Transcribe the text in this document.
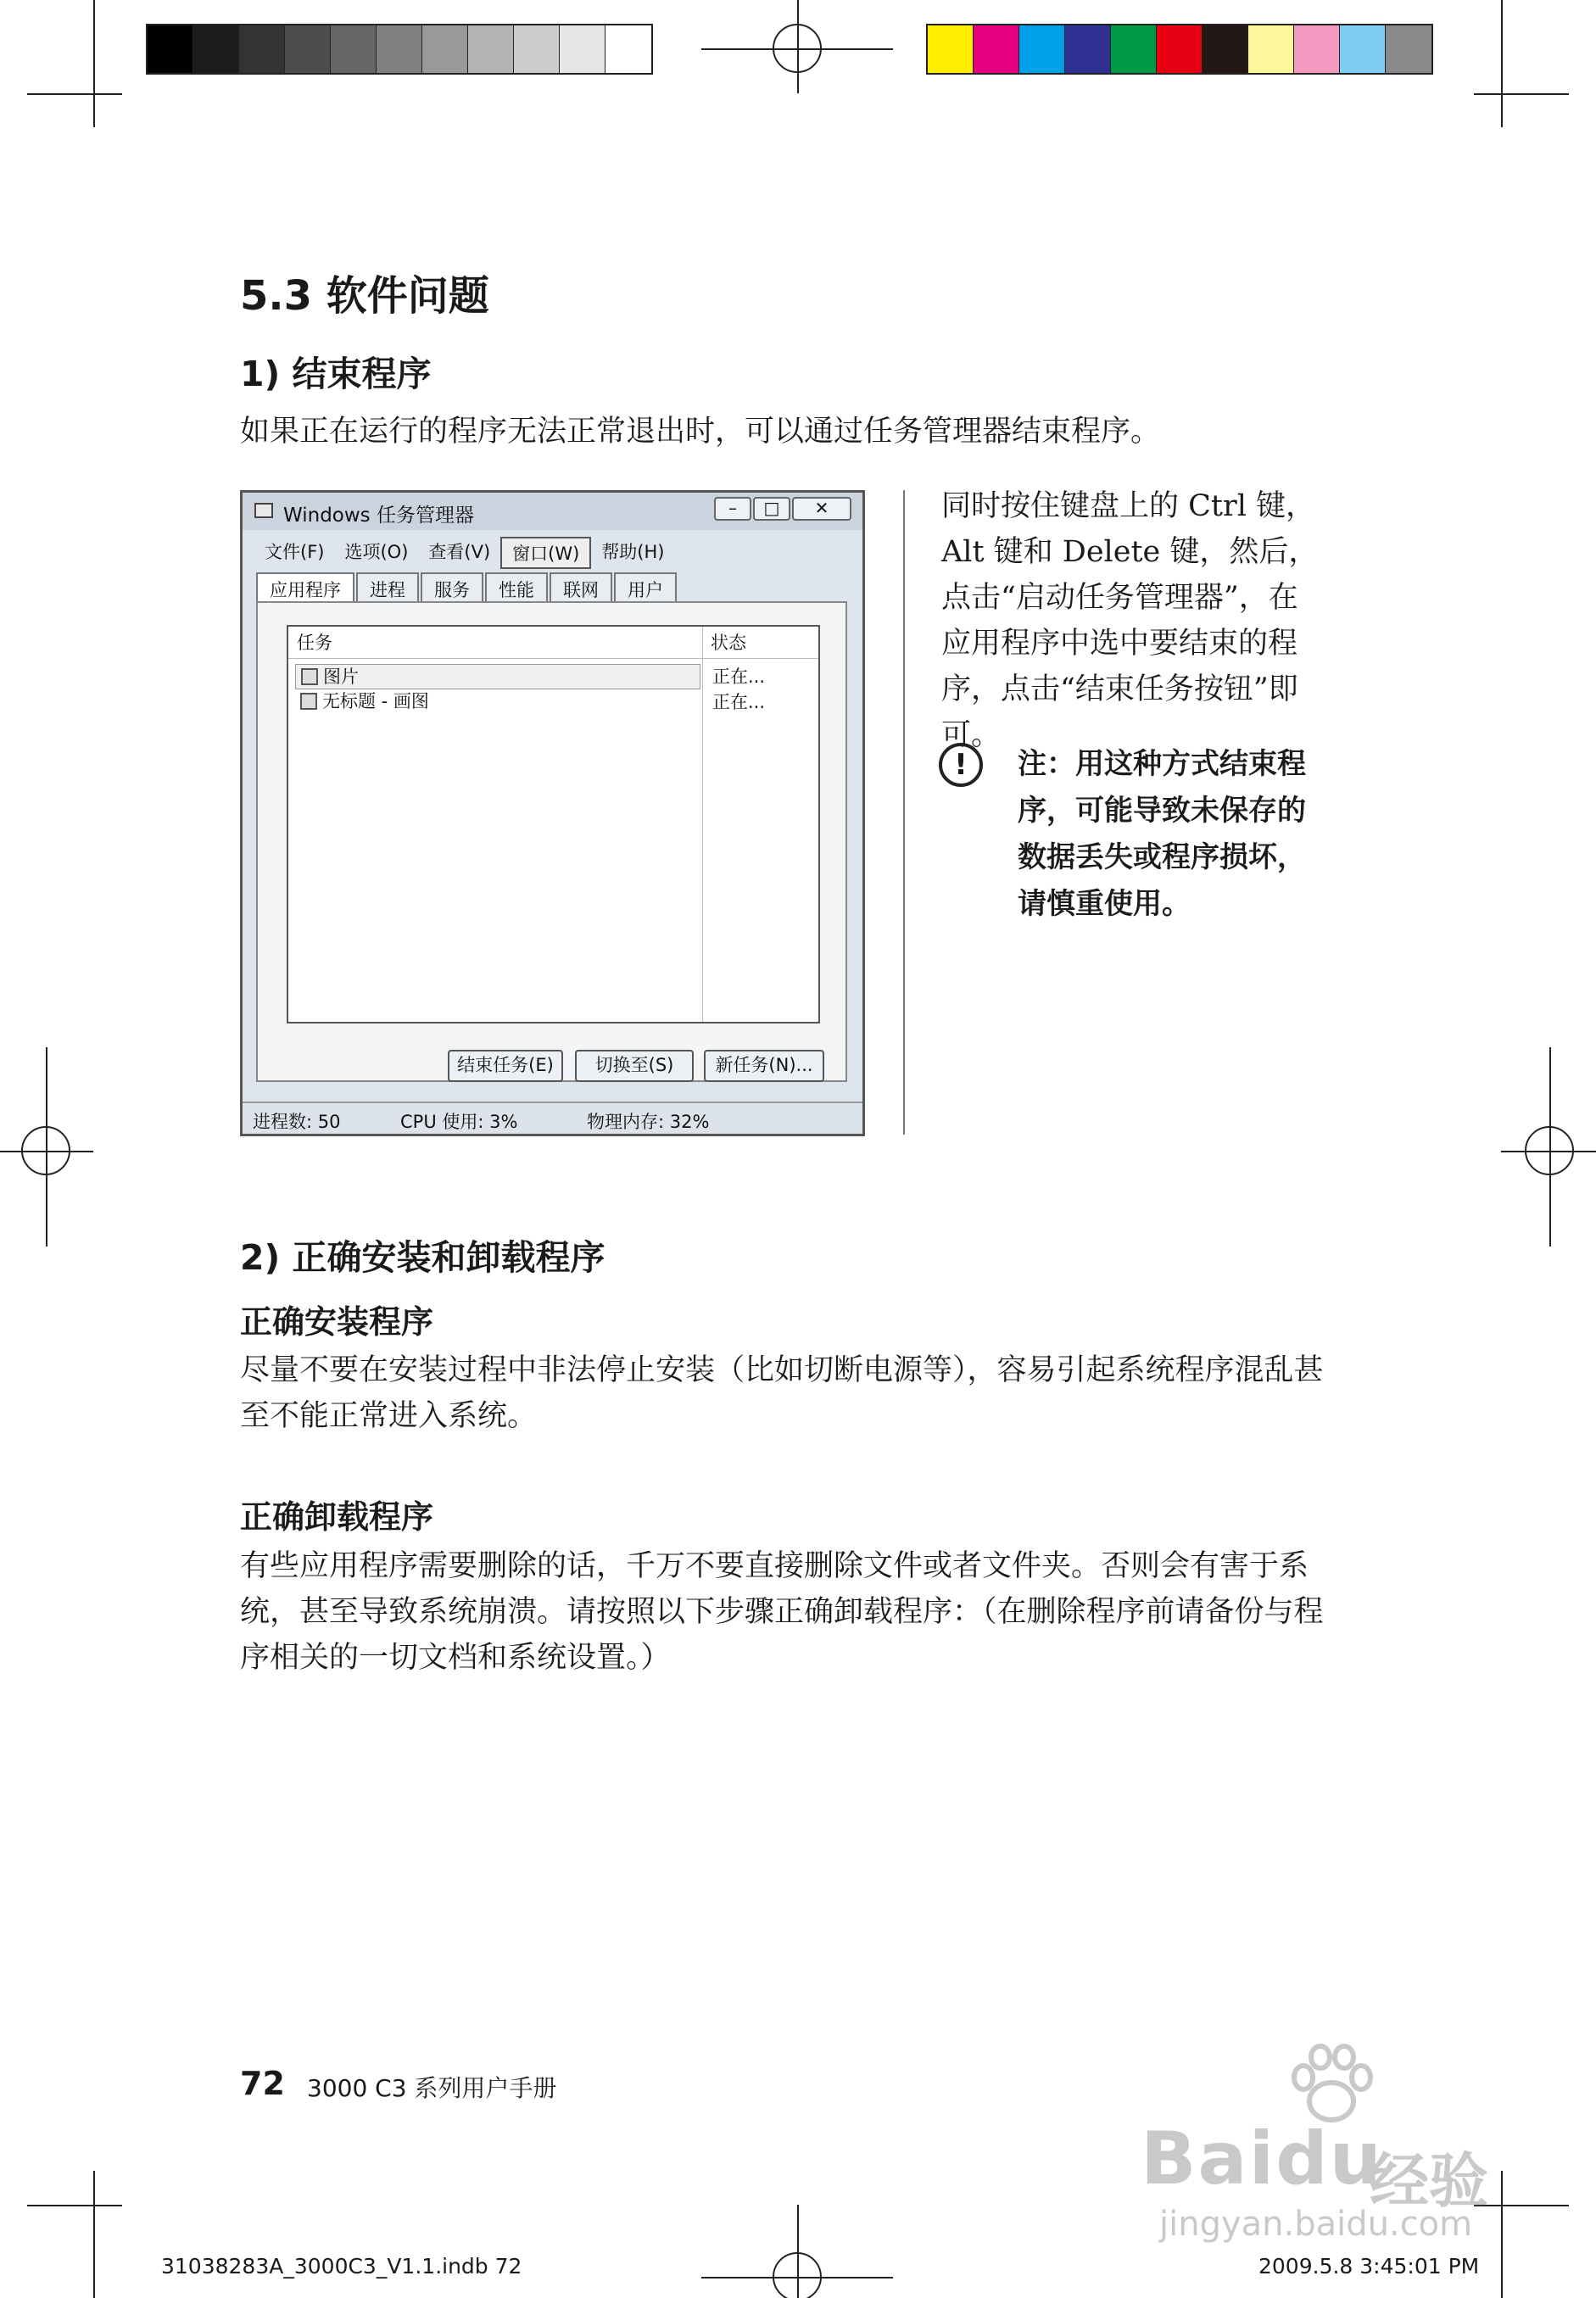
5.3 软件问题
1) 结束程序
如果正在运行的程序无法正常退出时，可以通过任务管理器结束程序。
Windows 任务管理器	–	□	✕
文件(F)	选项(O)	查看(V)	窗口(W)	帮助(H)
应用程序	进程	服务	性能	联网	用户
任务	状态
图片	正在...
无标题 - 画图	正在...
结束任务(E)	切换至(S)	新任务(N)...
进程数: 50	CPU 使用: 3%	物理内存: 32%
同时按住键盘上的 Ctrl 键，Alt 键和 Delete 键，然后，点击“启动任务管理器”，在应用程序中选中要结束的程序，点击“结束任务按钮”即可。
!	注：用这种方式结束程序，可能导致未保存的数据丢失或程序损坏，请慎重使用。
2) 正确安装和卸载程序
正确安装程序
尽量不要在安装过程中非法停止安装（比如切断电源等），容易引起系统程序混乱甚至不能正常进入系统。
正确卸载程序
有些应用程序需要删除的话，千万不要直接删除文件或者文件夹。否则会有害于系统，甚至导致系统崩溃。请按照以下步骤正确卸载程序：（在删除程序前请备份与程序相关的一切文档和系统设置。）
72 3000 C3 系列用户手册
31038283A_3000C3_V1.1.indb 72	2009.5.8 3:45:01 PM
Baidu
经验
jingyan.baidu.com
